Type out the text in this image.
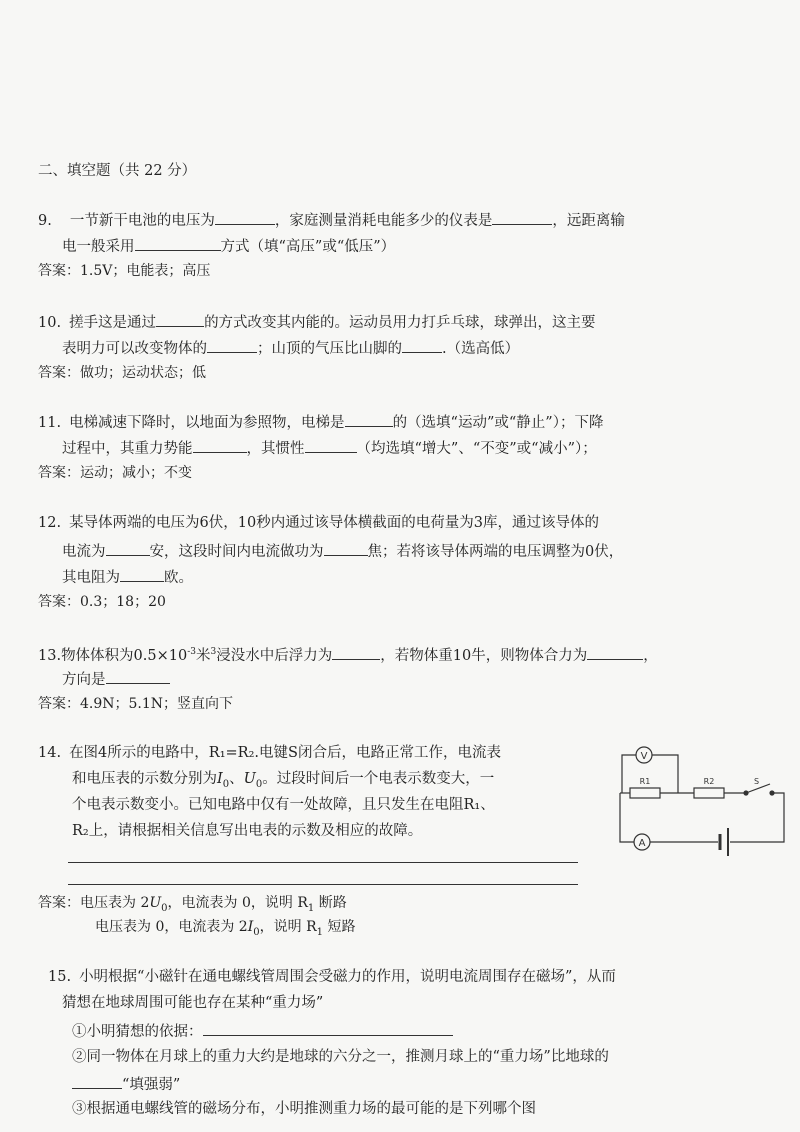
二、填空题（共 22 分）
9. 一节新干电池的电压为	，家庭测量消耗电能多少的仪表是	，远距离输
电一般采用	方式（填“高压”或“低压”）
答案：1.5V；电能表；高压
10. 搓手这是通过	的方式改变其内能的。运动员用力打乒乓球，球弹出，这主要
表明力可以改变物体的	；山顶的气压比山脚的	.（选高低）
答案：做功；运动状态；低
11. 电梯减速下降时，以地面为参照物，电梯是	的（选填“运动”或“静止”）；下降
过程中，其重力势能	，其惯性	（均选填“增大”、“不变”或“减小”）；
答案：运动；减小；不变
12. 某导体两端的电压为6伏，10秒内通过该导体横截面的电荷量为3库，通过该导体的
电流为	安，这段时间内电流做功为	焦；若将该导体两端的电压调整为0伏，
其电阻为	欧。
答案：0.3；18；20
13.物体体积为$0.5\times 10^{-3}$米$^3$浸没水中后浮力为	，若物体重10牛，则物体合力为	，
方向是
答案：4.9N；5.1N；竖直向下
14. 在图4所示的电路中，R₁=R₂.电键S闭合后，电路正常工作，电流表
和电压表的示数分别为$I_0$、$U_0$。过段时间后一个电表示数变大，一
个电表示数变小。已知电路中仅有一处故障，且只发生在电阻R₁、
R₂上，请根据相关信息写出电表的示数及相应的故障。
答案：电压表为 $2U_0$，电流表为 0，说明 $R_1$ 断路
电压表为 0，电流表为 $2I_0$，说明 $R_1$ 短路
V
R1	R2	S
A
15. 小明根据“小磁针在通电螺线管周围会受磁力的作用，说明电流周围存在磁场”，从而
猜想在地球周围可能也存在某种“重力场”
①小明猜想的依据：
②同一物体在月球上的重力大约是地球的六分之一，推测月球上的“重力场”比地球的
“填强弱”
③根据通电螺线管的磁场分布，小明推测重力场的最可能的是下列哪个图
